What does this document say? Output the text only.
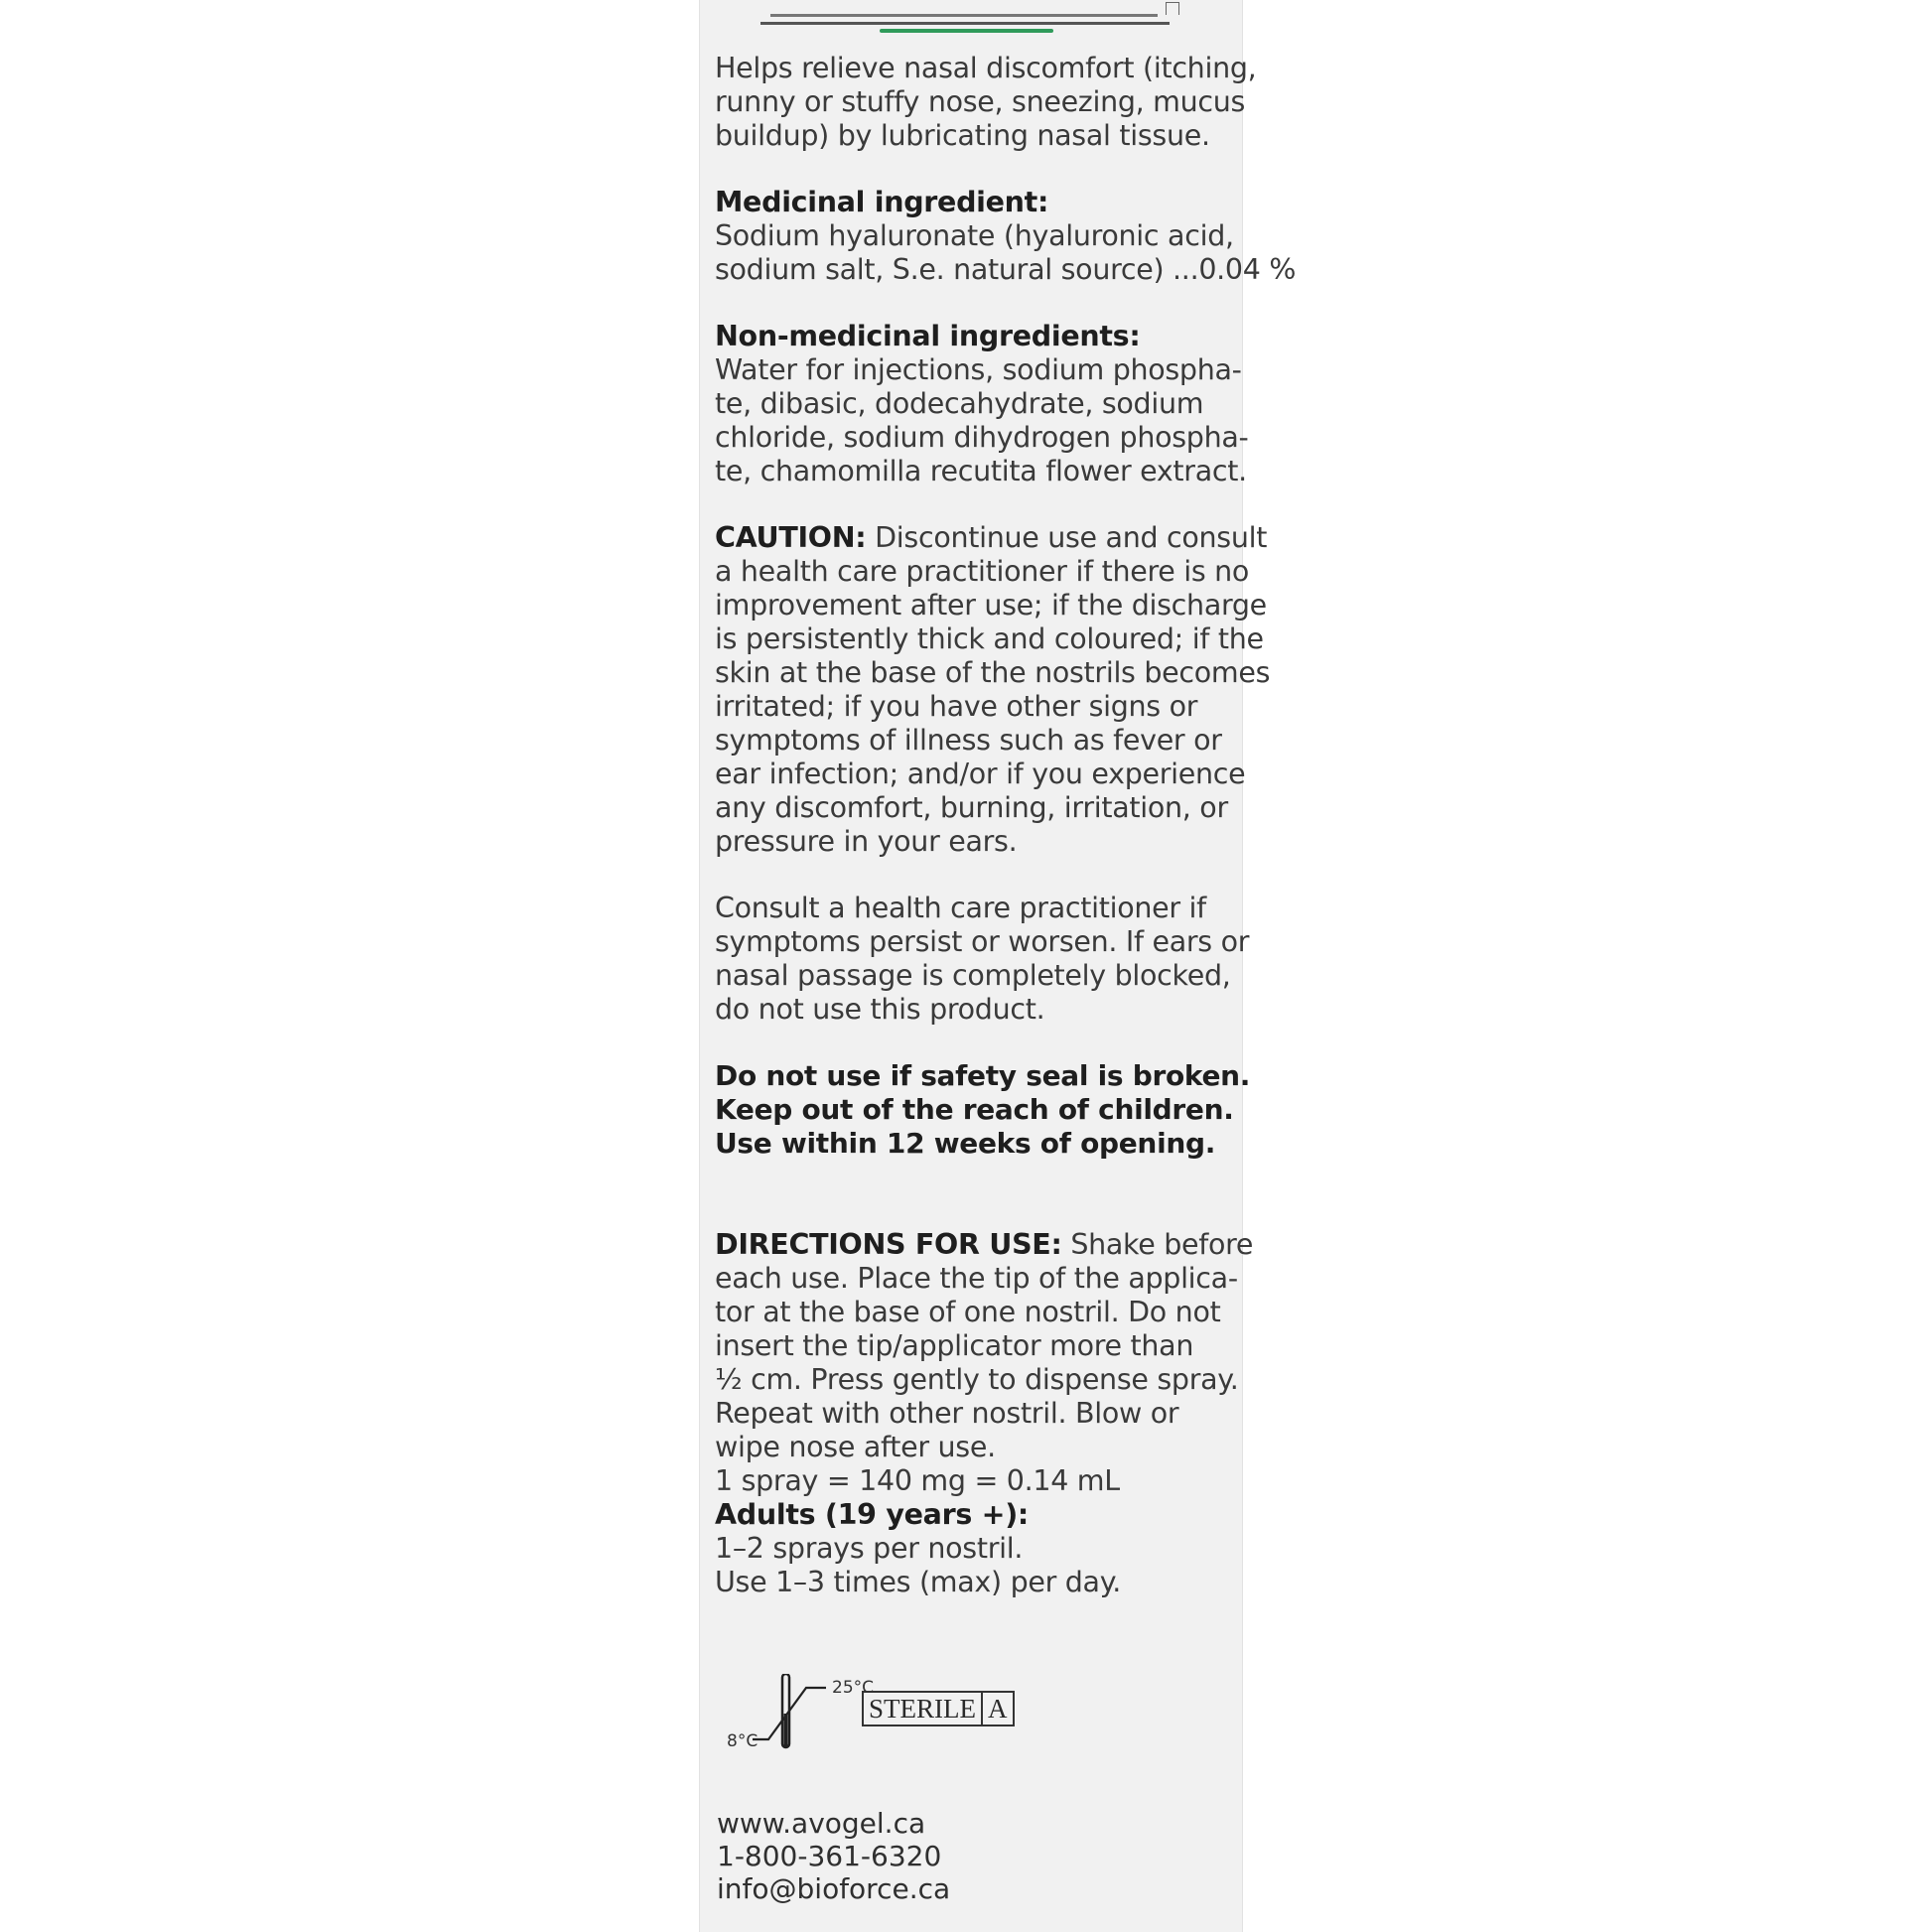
Helps relieve nasal discomfort (itching,

runny or stuffy nose, sneezing, mucus

buildup) by lubricating nasal tissue.

Medicinal ingredient:

Sodium hyaluronate (hyaluronic acid,

sodium salt, S.e. natural source) ...0.04 %

Non-medicinal ingredients:

Water for injections, sodium phospha-

te, dibasic, dodecahydrate, sodium

chloride, sodium dihydrogen phospha-

te, chamomilla recutita flower extract.

CAUTION: Discontinue use and consult

a health care practitioner if there is no

improvement after use; if the discharge

is persistently thick and coloured; if the

skin at the base of the nostrils becomes

irritated; if you have other signs or

symptoms of illness such as fever or

ear infection; and/or if you experience

any discomfort, burning, irritation, or

pressure in your ears.

Consult a health care practitioner if

symptoms persist or worsen. If ears or

nasal passage is completely blocked,

do not use this product.

Do not use if safety seal is broken.

Keep out of the reach of children.

Use within 12 weeks of opening.

DIRECTIONS FOR USE: Shake before

each use. Place the tip of the applica-

tor at the base of one nostril. Do not

insert the tip/applicator more than

½ cm. Press gently to dispense spray.

Repeat with other nostril. Blow or

wipe nose after use.

1 spray = 140 mg = 0.14 mL

Adults (19 years +):

1–2 sprays per nostril.

Use 1–3 times (max) per day.

8°C
25°C
STERILE A

www.avogel.ca

1-800-361-6320

info@bioforce.ca
